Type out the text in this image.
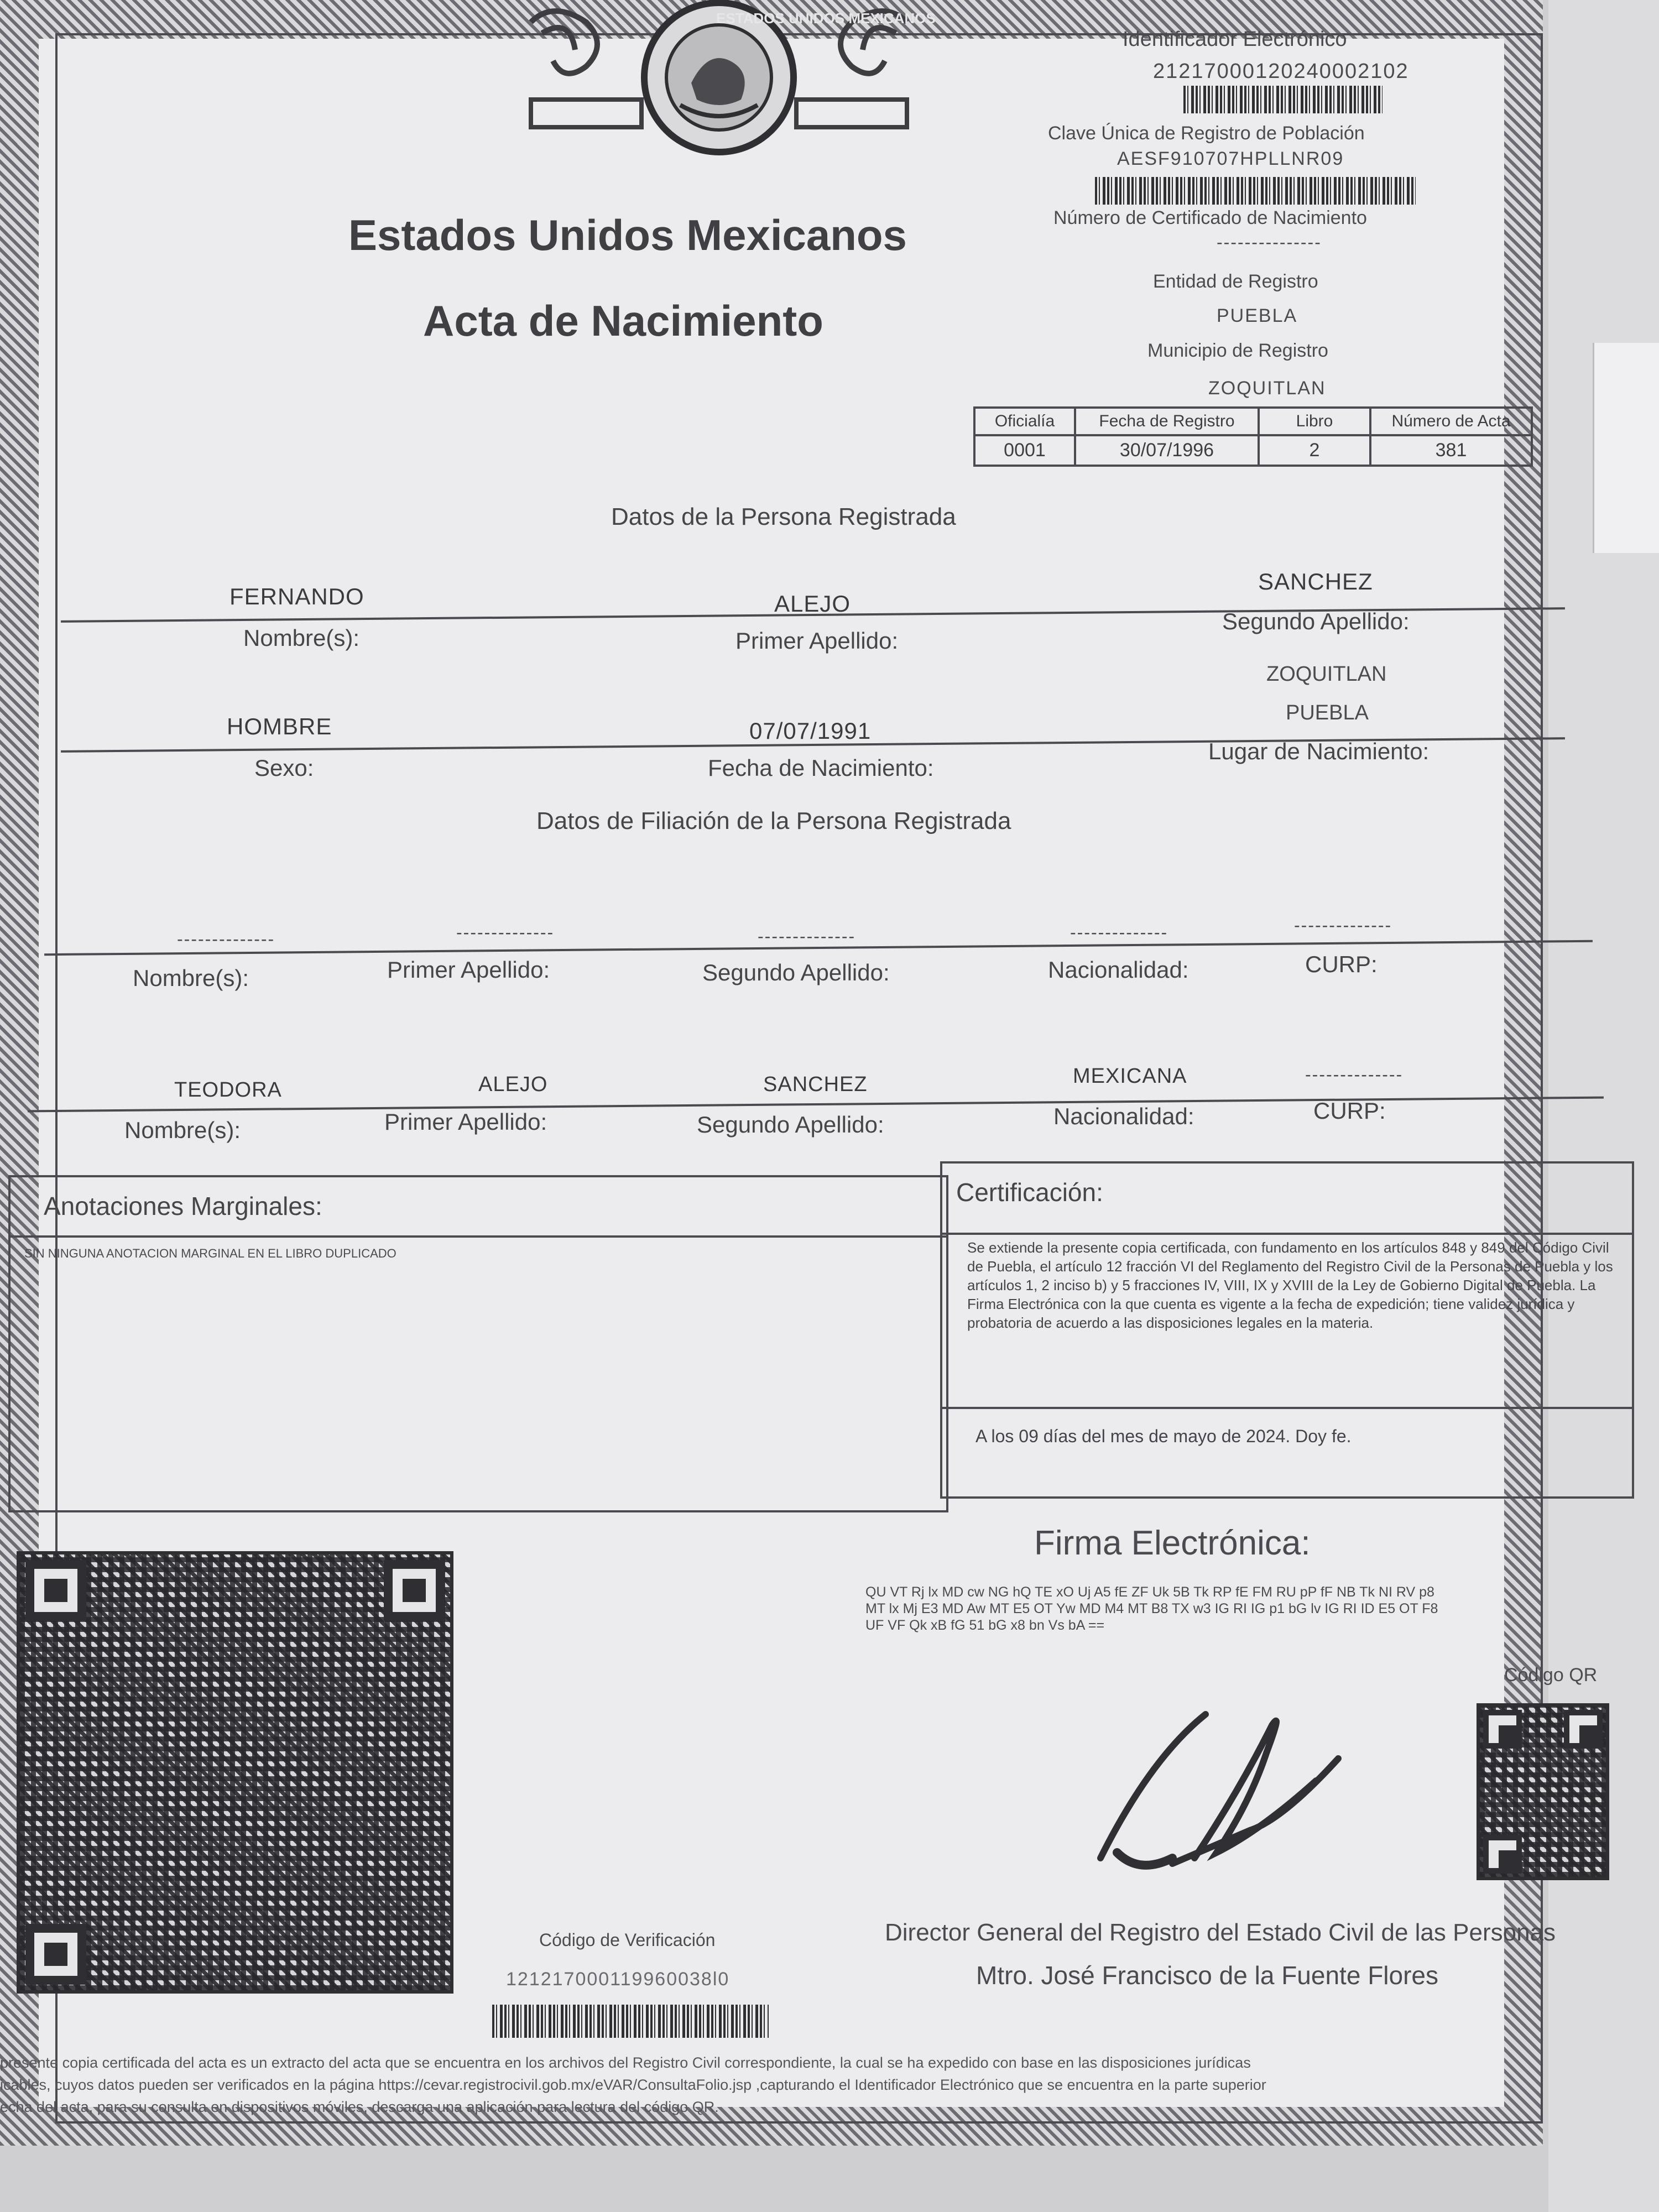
ESTADOS UNIDOS MEXICANOS
Estados Unidos Mexicanos
Acta de Nacimiento
Identificador Electrónico
21217000120240002102
Clave Única de Registro de Población
AESF910707HPLLNR09
Número de Certificado de Nacimiento
---------------
Entidad de Registro
PUEBLA
Municipio de Registro
ZOQUITLAN
Oficialía	Fecha de Registro	Libro	Número de Acta
0001	30/07/1996	2	381
Datos de la Persona Registrada
FERNANDO	ALEJO
SANCHEZ
Nombre(s):	Primer Apellido:
Segundo Apellido:
ZOQUITLAN
PUEBLA
HOMBRE	07/07/1991
Sexo:	Fecha de Nacimiento:
Lugar de Nacimiento:
Datos de Filiación de la Persona Registrada
--------------	--------------	--------------	--------------	--------------
Nombre(s):	Primer Apellido:	Segundo Apellido:	Nacionalidad:	CURP:
TEODORA	ALEJO	SANCHEZ	MEXICANA	--------------
Nombre(s):	Primer Apellido:	Segundo Apellido:	Nacionalidad:	CURP:
Anotaciones Marginales:
SIN NINGUNA ANOTACION MARGINAL EN EL LIBRO DUPLICADO
Certificación:
Se extiende la presente copia certificada, con fundamento en los artículos 848 y 849 del Código Civil de Puebla, el artículo 12 fracción VI del Reglamento del Registro Civil de la Personas de Puebla y los artículos 1, 2 inciso b) y 5 fracciones IV, VIII, IX y XVIII de la Ley de Gobierno Digital de Puebla. La Firma Electrónica con la que cuenta es vigente a la fecha de expedición; tiene validez jurídica y probatoria de acuerdo a las disposiciones legales en la materia.
A los 09 días del mes de mayo de 2024. Doy fe.
Firma Electrónica:
QU VT Rj lx MD cw NG hQ TE xO Uj A5 fE ZF Uk 5B Tk RP fE FM RU pP fF NB Tk NI RV p8
MT lx Mj E3 MD Aw MT E5 OT Yw MD M4 MT B8 TX w3 IG RI IG p1 bG lv IG RI ID E5 OT F8
UF VF Qk xB fG 51 bG x8 bn Vs bA ==
Código QR
Director General del Registro del Estado Civil de las Personas
Mtro. José Francisco de la Fuente Flores
Código de Verificación
121217000119960038l0
presente copia certificada del acta es un extracto del acta que se encuentra en los archivos del Registro Civil correspondiente, la cual se ha expedido con base en las disposiciones jurídicas
icables, cuyos datos pueden ser verificados en la página https://cevar.registrocivil.gob.mx/eVAR/ConsultaFolio.jsp ,capturando el Identificador Electrónico que se encuentra en la parte superior
echa del acta, para su consulta en dispositivos móviles, descarga una aplicación para lectura del código QR.
